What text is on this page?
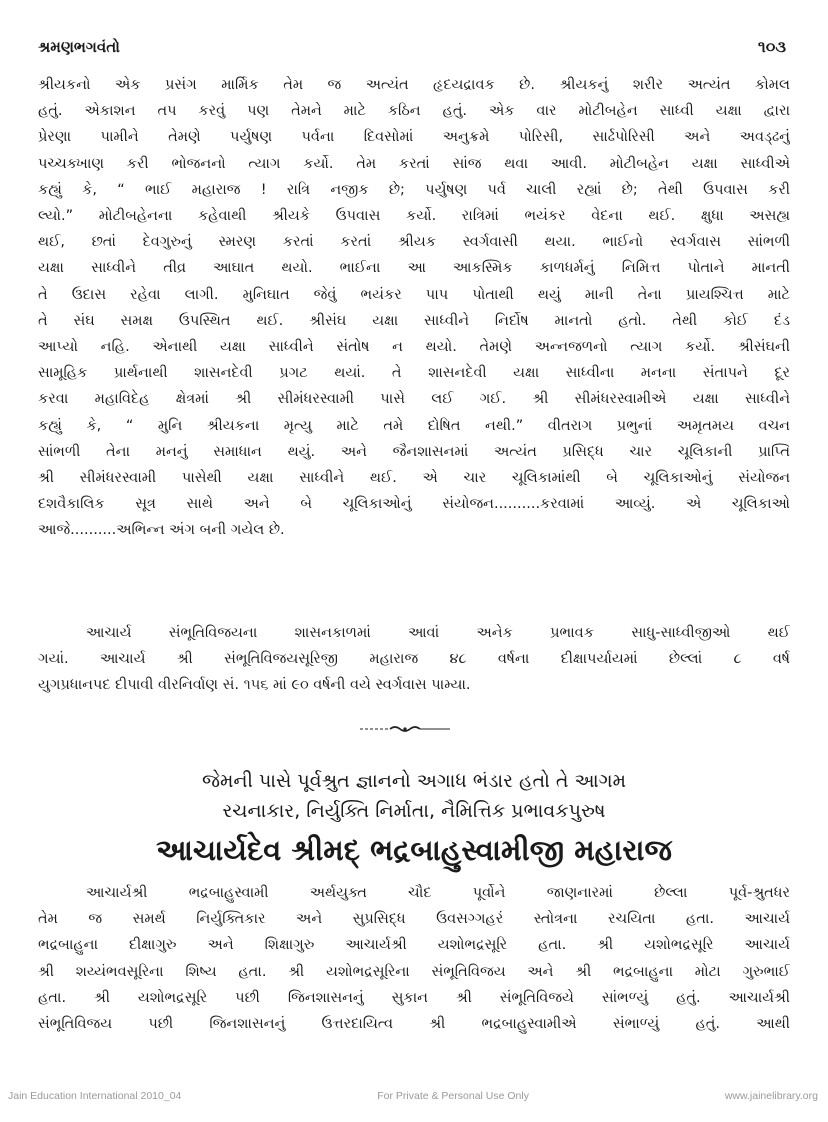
શ્રમણભગવંતો	૧૦૩
શ્રીયકનો એક પ્રસંગ માર્મિક તેમ જ અત્યંત હૃદયદ્રાવક છે. શ્રીયકનું શરીર અત્યંત કોમલ
હતું. એકાશન તપ કરવું પણ તેમને માટે કઠિન હતું. એક વાર મોટીબહેન સાધ્વી યક્ષા દ્વારા
પ્રેરણા પામીને તેમણે પર્યુષણ પર્વના દિવસોમાં અનુક્રમે પોરિસી, સાર્ઢપોરિસી અને અવડ્ઢનું
પચ્ચક્ખાણ કરી ભોજનનો ત્યાગ કર્યો. તેમ કરતાં સાંજ થવા આવી. મોટીબહેન યક્ષા સાધ્વીએ
કહ્યું કે, “ ભાઈ મહારાજ ! રાત્રિ નજીક છે; પર્યુષણ પર્વ ચાલી રહ્યાં છે; તેથી ઉપવાસ કરી
લ્યો.” મોટીબહેનના કહેવાથી શ્રીયકે ઉપવાસ કર્યો. રાત્રિમાં ભયંકર વેદના થઈ. ક્ષુધા અસહ્ય
થઈ, છતાં દેવગુરુનું સ્મરણ કરતાં કરતાં શ્રીયક સ્વર્ગવાસી થયા. ભાઈનો સ્વર્ગવાસ સાંભળી
યક્ષા સાધ્વીને તીવ્ર આઘાત થયો. ભાઈના આ આકસ્મિક કાળધર્મનું નિમિત્ત પોતાને માનતી
તે ઉદાસ રહેવા લાગી. મુનિઘાત જેવું ભયંકર પાપ પોતાથી થયું માની તેના પ્રાયશ્ચિત્ત માટે
તે સંઘ સમક્ષ ઉપસ્થિત થઈ. શ્રીસંઘ યક્ષા સાધ્વીને નિર્દોષ માનતો હતો. તેથી કોઈ દંડ
આપ્યો નહિ. એનાથી યક્ષા સાધ્વીને સંતોષ ન થયો. તેમણે અન્નજળનો ત્યાગ કર્યો. શ્રીસંઘની
સામૂહિક પ્રાર્થનાથી શાસનદેવી પ્રગટ થયાં. તે શાસનદેવી યક્ષા સાધ્વીના મનના સંતાપને દૂર
કરવા મહાવિદેહ ક્ષેત્રમાં શ્રી સીમંધરસ્વામી પાસે લઈ ગઈ. શ્રી સીમંધરસ્વામીએ યક્ષા સાધ્વીને
કહ્યું કે, “ મુનિ શ્રીયકના મૃત્યુ માટે તમે દોષિત નથી.” વીતરાગ પ્રભુનાં અમૃતમય વચન
સાંભળી તેના મનનું સમાધાન થયું. અને જૈનશાસનમાં અત્યંત પ્રસિદ્ધ ચાર ચૂલિકાની પ્રાપ્તિ
શ્રી સીમંધરસ્વામી પાસેથી યક્ષા સાધ્વીને થઈ. એ ચાર ચૂલિકામાંથી બે ચૂલિકાઓનું સંયોજન
દશવૈકાલિક સૂત્ર સાથે અને બે ચૂલિકાઓનું સંયોજન..........કરવામાં આવ્યું. એ ચૂલિકાઓ
આજે..........અભિન્ન અંગ બની ગયેલ છે.
આચાર્ય સંભૂતિવિજયના શાસનકાળમાં આવાં અનેક પ્રભાવક સાધુ-સાધ્વીજીઓ થઈ
ગયાં. આચાર્ય શ્રી સંભૂતિવિજયસૂરિજી મહારાજ ૪૮ વર્ષના દીક્ષાપર્યાયમાં છેલ્લાં ૮ વર્ષ
યુગપ્રધાનપદ દીપાવી વીરનિર્વાણ સં. ૧૫૬ માં ૯૦ વર્ષની વયે સ્વર્ગવાસ પામ્યા.
જેમની પાસે પૂર્વશ્રુત જ્ઞાનનો અગાધ ભંડાર હતો તે આગમ
રચનાકાર, નિર્યુક્તિ નિર્માતા, નૈમિત્તિક પ્રભાવકપુરુષ
આચાર્યદેવ શ્રીમદ્ ભદ્રબાહુસ્વામીજી મહારાજ
આચાર્યશ્રી ભદ્રબાહુસ્વામી અર્થયુક્ત ચૌદ પૂર્વોને જાણનારમાં છેલ્લા પૂર્વ-શ્રુતધર
તેમ જ સમર્થ નિર્યુક્તિકાર અને સુપ્રસિદ્ધ ઉવસગ્ગહરં સ્તોત્રના રચયિતા હતા. આચાર્ય
ભદ્રબાહુના દીક્ષાગુરુ અને શિક્ષાગુરુ આચાર્યશ્રી યશોભદ્રસૂરિ હતા. શ્રી યશોભદ્રસૂરિ આચાર્ય
શ્રી શય્યંભવસૂરિના શિષ્ય હતા. શ્રી યશોભદ્રસૂરિના સંભૂતિવિજય અને શ્રી ભદ્રબાહુના મોટા ગુરુભાઈ
હતા. શ્રી યશોભદ્રસૂરિ પછી જિનશાસનનું સુકાન શ્રી સંભૂતિવિજયે સાંભળ્યું હતું. આચાર્યશ્રી
સંભૂતિવિજય પછી જિનશાસનનું ઉત્તરદાયિત્વ શ્રી ભદ્રબાહુસ્વામીએ સંભાળ્યું હતું. આથી
Jain Education International 2010_04	For Private & Personal Use Only	www.jainelibrary.org
